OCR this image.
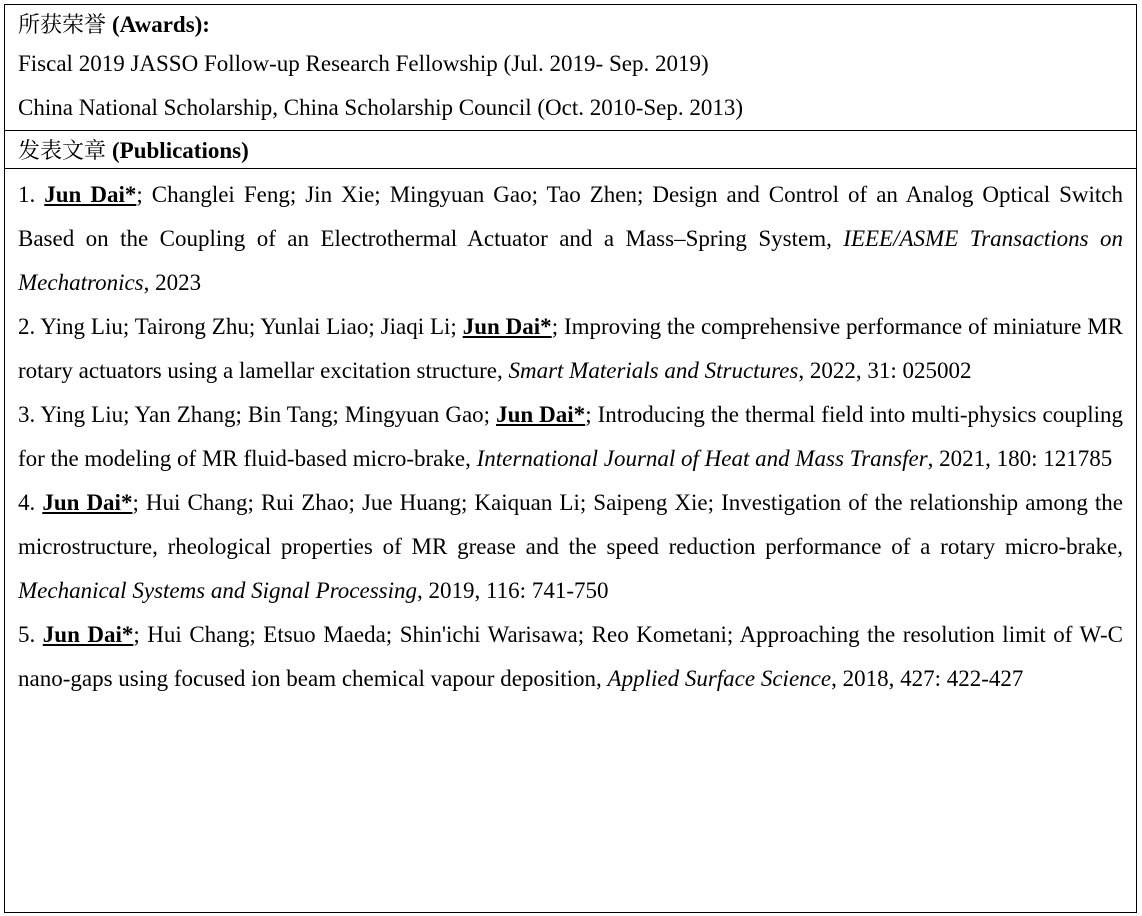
所获荣誉 (Awards):
Fiscal 2019 JASSO Follow-up Research Fellowship (Jul. 2019- Sep. 2019)
China National Scholarship, China Scholarship Council (Oct. 2010-Sep. 2013)
发表文章 (Publications)

1. Jun Dai*; Changlei Feng; Jin Xie; Mingyuan Gao; Tao Zhen; Design and Control of an Analog Optical Switch Based on the Coupling of an Electrothermal Actuator and a Mass–Spring System, IEEE/ASME Transactions on Mechatronics, 2023

2. Ying Liu; Tairong Zhu; Yunlai Liao; Jiaqi Li; Jun Dai*; Improving the comprehensive performance of miniature MR rotary actuators using a lamellar excitation structure, Smart Materials and Structures, 2022, 31: 025002

3. Ying Liu; Yan Zhang; Bin Tang; Mingyuan Gao; Jun Dai*; Introducing the thermal field into multi-physics coupling for the modeling of MR fluid-based micro-brake, International Journal of Heat and Mass Transfer, 2021, 180: 121785

4. Jun Dai*; Hui Chang; Rui Zhao; Jue Huang; Kaiquan Li; Saipeng Xie; Investigation of the relationship among the microstructure, rheological properties of MR grease and the speed reduction performance of a rotary micro-brake, Mechanical Systems and Signal Processing, 2019, 116: 741-750

5. Jun Dai*; Hui Chang; Etsuo Maeda; Shin'ichi Warisawa; Reo Kometani; Approaching the resolution limit of W-C nano-gaps using focused ion beam chemical vapour deposition, Applied Surface Science, 2018, 427: 422-427
